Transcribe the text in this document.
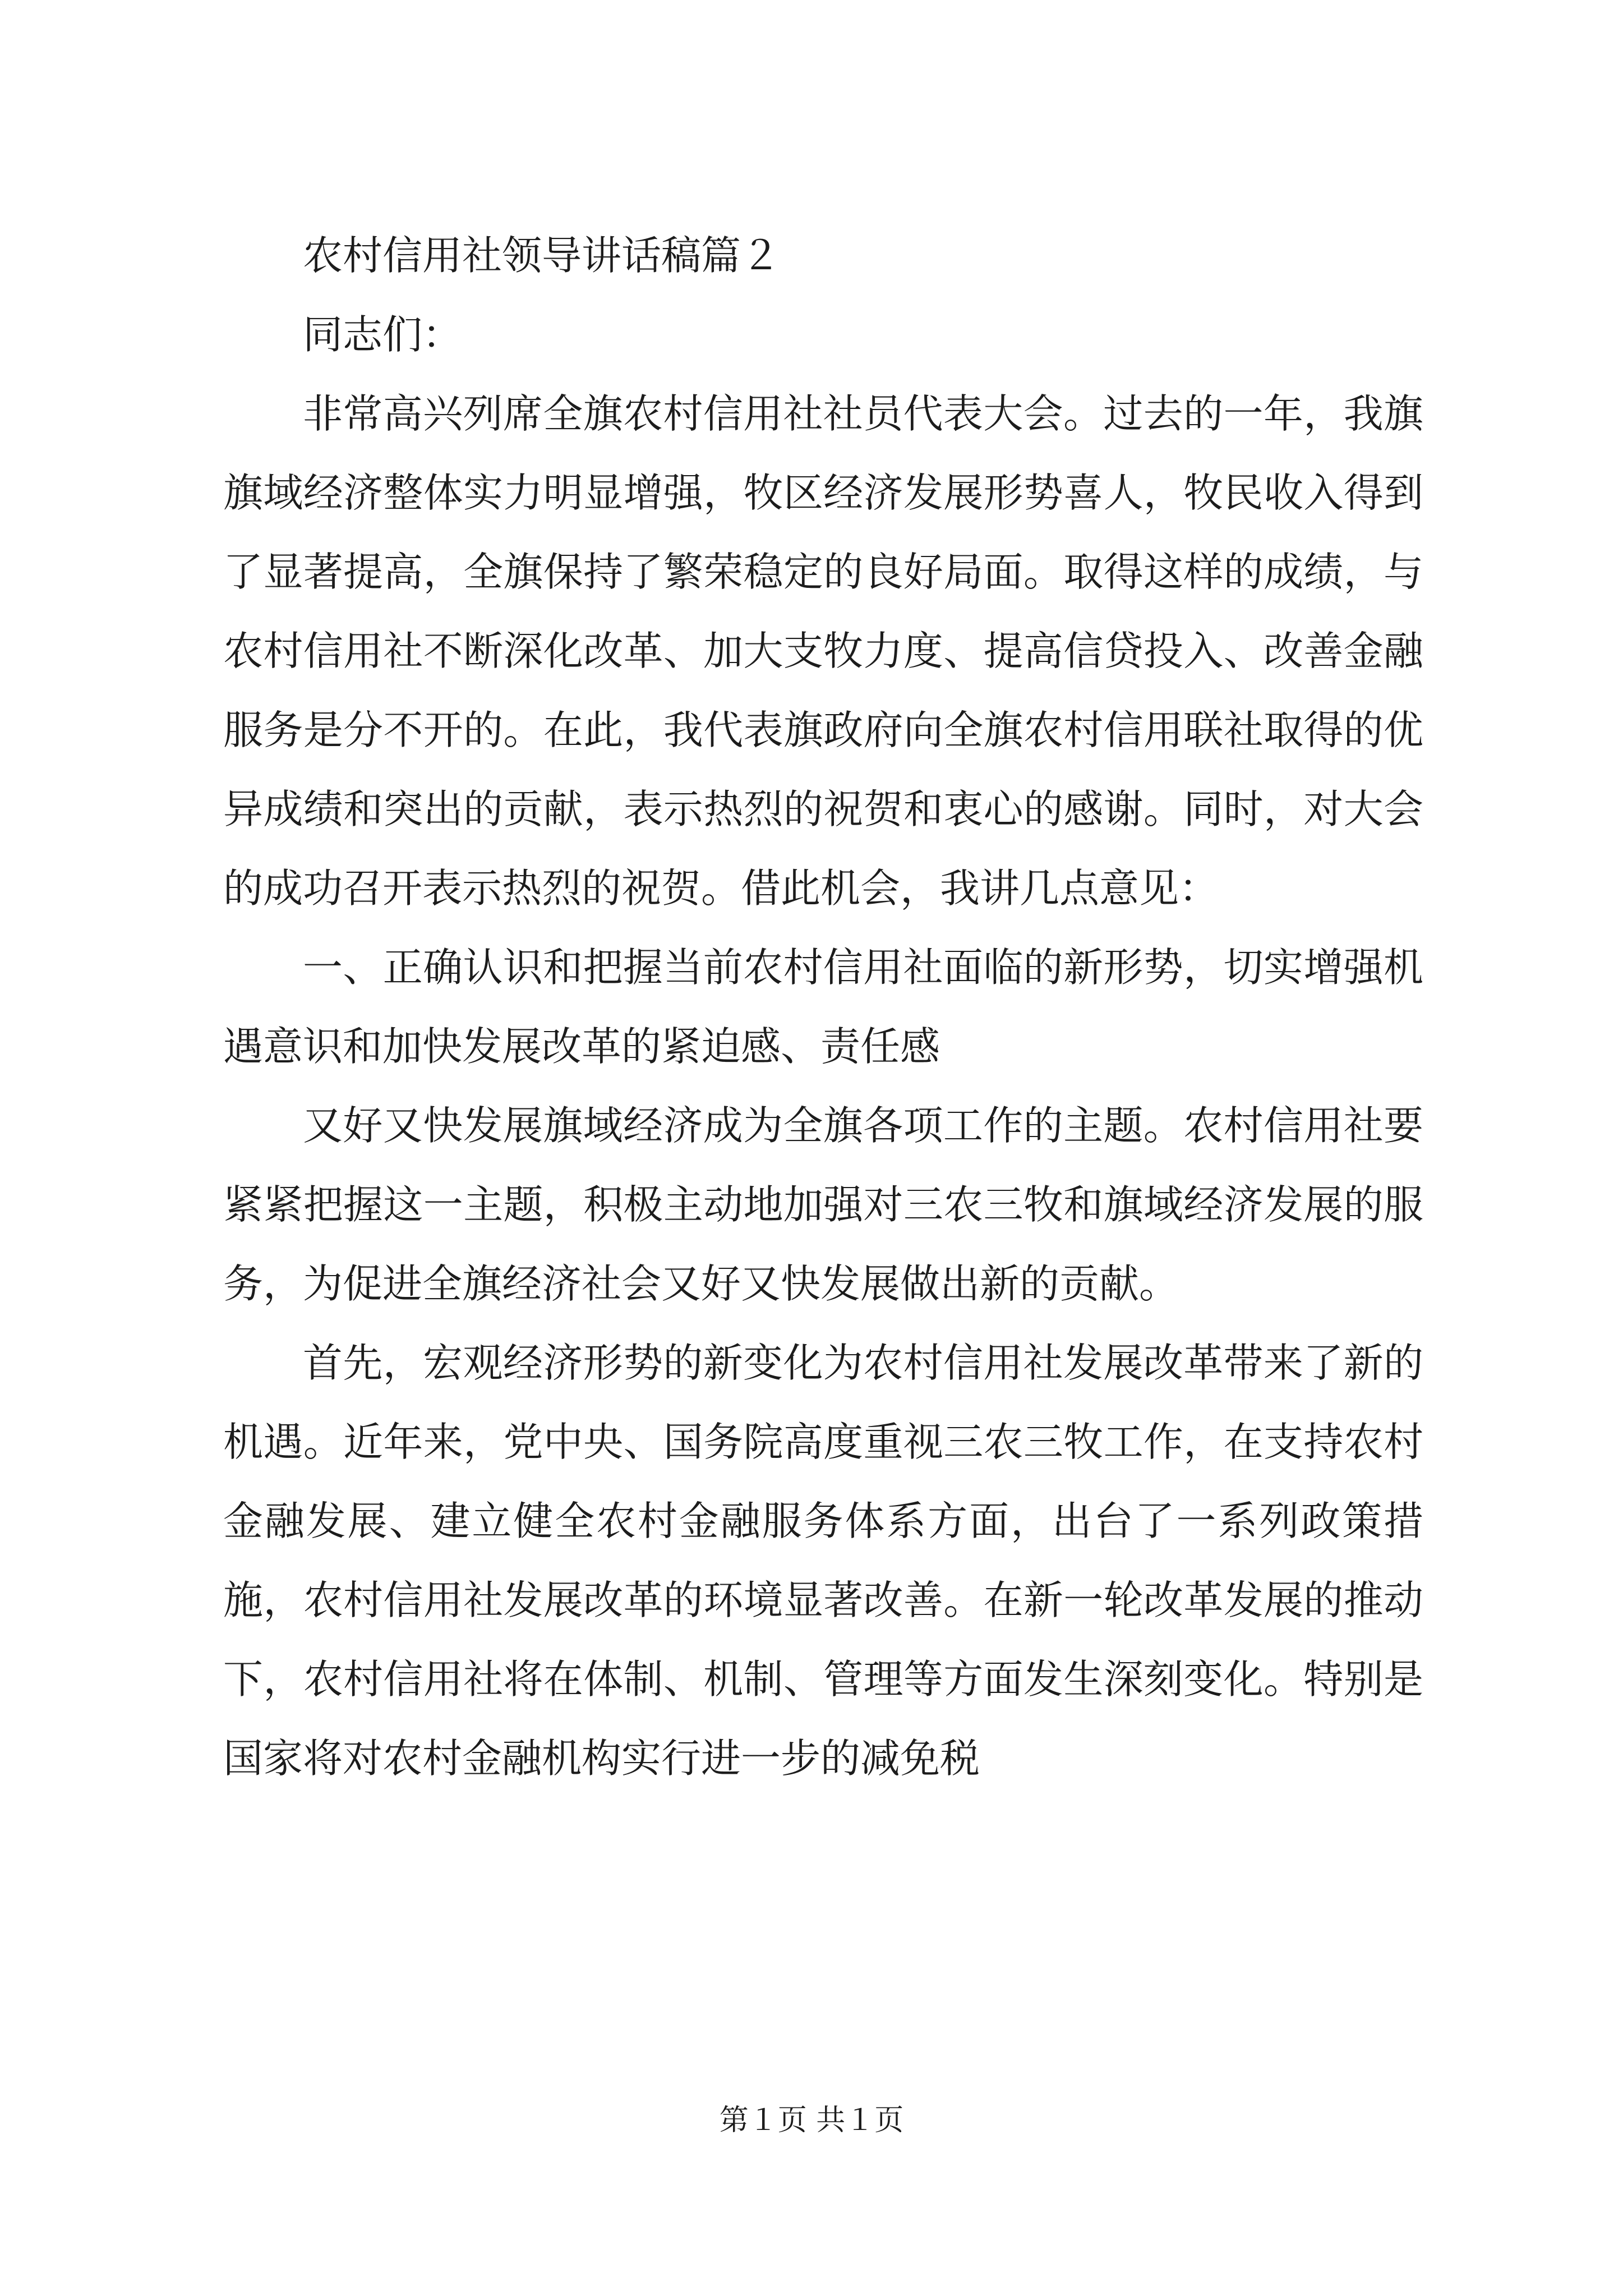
农村信用社领导讲话稿篇２

同志们：

非常高兴列席全旗农村信用社社员代表大会。过去的一年，我旗旗域经济整体实力明显增强，牧区经济发展形势喜人，牧民收入得到了显著提高，全旗保持了繁荣稳定的良好局面。取得这样的成绩，与农村信用社不断深化改革、加大支牧力度、提高信贷投入、改善金融服务是分不开的。在此，我代表旗政府向全旗农村信用联社取得的优异成绩和突出的贡献，表示热烈的祝贺和衷心的感谢。同时，对大会的成功召开表示热烈的祝贺。借此机会，我讲几点意见：

一、正确认识和把握当前农村信用社面临的新形势，切实增强机遇意识和加快发展改革的紧迫感、责任感

又好又快发展旗域经济成为全旗各项工作的主题。农村信用社要紧紧把握这一主题，积极主动地加强对三农三牧和旗域经济发展的服务，为促进全旗经济社会又好又快发展做出新的贡献。

首先，宏观经济形势的新变化为农村信用社发展改革带来了新的机遇。近年来，党中央、国务院高度重视三农三牧工作，在支持农村金融发展、建立健全农村金融服务体系方面，出台了一系列政策措施，农村信用社发展改革的环境显著改善。在新一轮改革发展的推动下，农村信用社将在体制、机制、管理等方面发生深刻变化。特别是国家将对农村金融机构实行进一步的减免税

第１页 共１页
